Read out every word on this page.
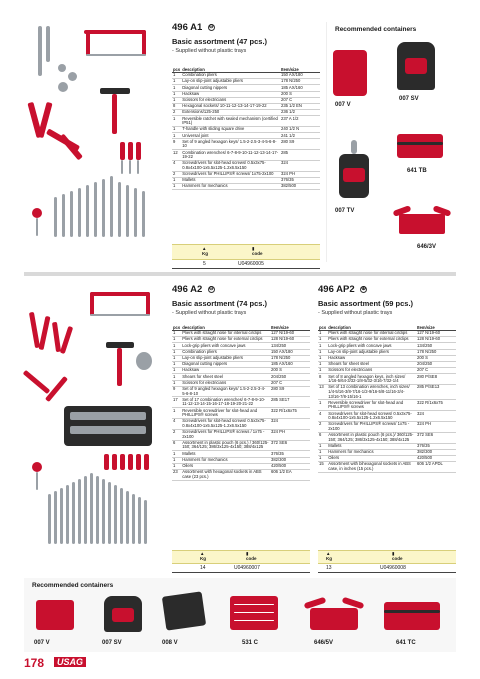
496 A1 ⊖
Basic assortment (47 pcs.)
- Supplied without plastic trays
pcs	description	Item/size
1	Combination pliers	150 AX/180
1	Lay-on slip-joint adjustable pliers	178 N/250
1	Diagonal cutting nippers	185 AX/160
1	Hacksaw	200 S
1	Scissors for electricians	207 C
8	Hexagonal sockets/ 10-11-12-13-14-17-19-22	235 1/2 EN
2	Extensions/125-250	236 1/2
1	Reversible ratchet with sealed mechanism (certified IP51)	237 A 1/2
1	T-handle with sliding square drive	240 1/2 N
1	Universal joint	241 1/2
9	Set of 9 angled hexagon keys/ 1.5-2-2.5-3-4-5-6-8-10	280 S9
12	Combination wrenches/ 6-7-8-9-10-11-12-13-14-17-19-22	285
4	Screwdrivers for slot-head screws/ 0.5x3x75-0.8x4x100-1x5.5x125-1.2x6.5x150	324
2	Screwdrivers for PHILLIPS® screws/ 1x75-2x100	324 PH
1	Mallets	376/35
1	Hammers for mechanics	382/500
▲
Kg
▮
code
5	U04960005
Recommended containers
007 V
007 SV
641 TB
007 TV
646/3V
496 A2 ⊖
Basic assortment (74 pcs.)
- Supplied without plastic trays
pcs	description	Item/size
1	Pliers with straight nose for internal circlips	127 N/19-60
1	Pliers with straight nose for external circlips	128 N/19-60
1	Lock-grip pliers with concave jaws	134/250
1	Combination pliers	150 AX/180
1	Lay-on slip-joint adjustable pliers	178 N/250
1	Diagonal cutting nippers	185 AX/160
1	Hacksaw	200 S
1	Shears for sheet steel	204/250
1	Scissors for electricians	207 C
9	Set of 9 angled hexagon keys/ 1.5-2-2.5-3-4-5-6-8-10	280 S9
17	Set of 17 combination wrenches/ 6-7-8-9-10-11-12-13-14-15-16-17-18-19-20-21-22	285 SE17
1	Reversible screwdriver for slot-head and PHILLIPS® screws	322 R/1x6x75
4	Screwdrivers for slot-head screws/ 0.5x3x75-0.8x4x100-1x5.5x125-1.2x6.5x150	324
2	Screwdrivers for PHILLIPS® screws / 1x75 - 2x100	324 PH
6	Assortment in plastic pouch (6 pcs.) / 360/125-150; 364/125; 386/3x125-4x150; 388/4x125	372 SE6
1	Mallets	376/35
1	Hammers for mechanics	382/300
1	Oilers	420/500
23	Assortment with hexagonal sockets in ABS case (23 pcs.)	606 1/2 EA
▲
Kg
▮
code
14	U04960007
496 AP2 ⊕
Basic assortment (59 pcs.)
- Supplied without plastic trays
pcs	description	Item/size
1	Pliers with straight nose for internal circlips	127 N/19-60
1	Pliers with straight nose for external circlips	128 N/19-60
1	Lock-grip pliers with concave jaws	134/250
1	Lay-on slip-joint adjustable pliers	178 N/250
1	Hacksaw	200 S
1	Shears for sheet steel	204/250
1	Scissors for electricians	207 C
8	Set of 8 angled hexagon keys, inch sizes/ 1/16-5/64-3/32-1/8-5/32-3/16-7/32-1/4	280 P/SE8
13	Set of 13 combination wrenches, inch sizes/ 1/4-5/16-3/8-7/16-1/2-9/16-5/8-11/16-3/4-13/16-7/8-15/16-1	285 P/SE13
1	Reversible screwdriver for slot-head and PHILLIPS® screws	322 R/1x6x75
4	Screwdrivers for slot-head screws/ 0.5x3x75-0.8x4x100-1x5.5x125-1.2x6.5x150	324
2	Screwdrivers for PHILLIPS® screws/ 1x75 - 2x100	324 PH
6	Assortment in plastic pouch (6 pcs.)/ 360/125-150; 364/125; 386/3x125-4x150; 388/4x125	372 SE6
1	Mallets	376/35
1	Hammers for mechanics	382/300
1	Oilers	420/500
15	Assortment with bihexagonal sockets in ABS case, in inches (15 pcs.)	606 1/2 APDL
▲
Kg
▮
code
13	U04960008
Recommended containers
007 V	007 SV	008 V	531 C	646/5V	641 TC
178	USAG
